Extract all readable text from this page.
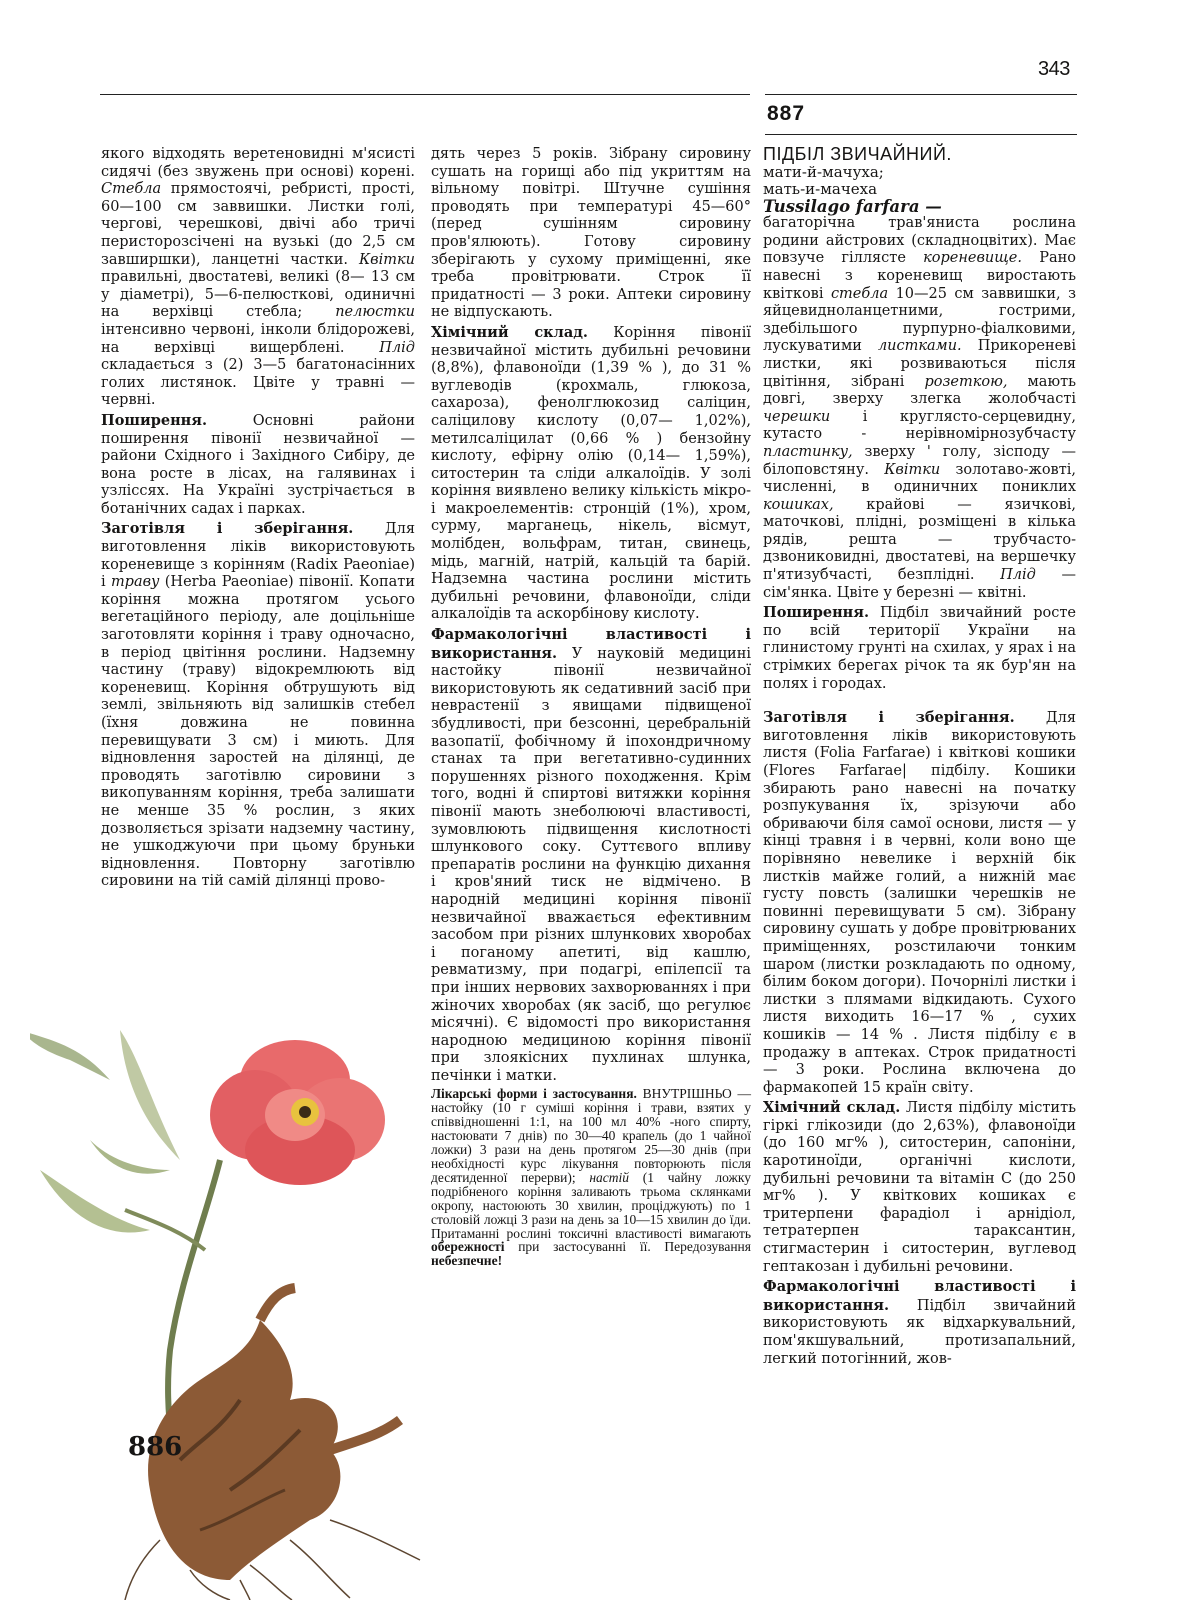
343
887

якого відходять веретеновидні м'ясисті сидячі (без звужень при основі) корені. Стебла прямостоячі, ребристі, прості, 60—100 см заввишки. Листки голі, чергові, черешкові, двічі або тричі перисторозсічені на вузькі (до 2,5 см завширшки), ланцетні частки. Квітки правильні, двостатеві, великі (8— 13 см у діаметрі), 5—6-пелюсткові, одиничні на верхівці стебла; пелюстки інтенсивно червоні, інколи блідорожеві, на верхівці вищерблені. Плід складається з (2) 3—5 багатонасінних голих листянок. Цвіте у травні — червні.

Поширення. Основні райони поширення півонії незвичайної — райони Східного і Західного Сибіру, де вона росте в лісах, на галявинах і узліссях. На Україні зустрічається в ботанічних садах і парках.

Заготівля і зберігання. Для виготовлення ліків використовують кореневище з корінням (Radix Paeoniae) і траву (Herba Paeoniae) півонії. Копати коріння можна протягом усього вегетаційного періоду, але доцільніше заготовляти коріння і траву одночасно, в період цвітіння рослини. Надземну частину (траву) відокремлюють від кореневищ. Коріння обтрушують від землі, звільняють від залишків стебел (їхня довжина не повинна перевищувати 3 см) і миють. Для відновлення заростей на ділянці, де проводять заготівлю сировини з викопуванням коріння, треба залишати не менше 35 % рослин, з яких дозволяється зрізати надземну частину, не ушкоджуючи при цьому бруньки відновлення. Повторну заготівлю сировини на тій самій ділянці прово-

дять через 5 років. Зібрану сировину сушать на горищі або під укриттям на вільному повітрі. Штучне сушіння проводять при температурі 45—60° (перед сушінням сировину пров'ялюють). Готову сировину зберігають у сухому приміщенні, яке треба провітрювати. Строк її придатності — 3 роки. Аптеки сировину не відпускають.

Хімічний склад. Коріння півонії незвичайної містить дубильні речовини (8,8%), флавоноїди (1,39 % ), до 31 % вуглеводів (крохмаль, глюкоза, сахароза), фенолглюкозид саліцин, саліцилову кислоту (0,07— 1,02%), метилсаліцилат (0,66 % ) бензойну кислоту, ефірну олію (0,14— 1,59%), ситостерин та сліди алкалоїдів. У золі коріння виявлено велику кількість мікро- і макроелементів: стронцій (1%), хром, сурму, марганець, нікель, вісмут, молібден, вольфрам, титан, свинець, мідь, магній, натрій, кальцій та барій. Надземна частина рослини містить дубильні речовини, флавоноїди, сліди алкалоїдів та аскорбінову кислоту.

Фармакологічні властивості і використання. У науковій медицині настойку півонії незвичайної використовують як седативний засіб при неврастенії з явищами підвищеної збудливості, при безсонні, церебральній вазопатії, фобічному й іпохондричному станах та при вегетативно-судинних порушеннях різного походження. Крім того, водні й спиртові витяжки коріння півонії мають знеболюючі властивості, зумовлюють підвищення кислотності шлункового соку. Суттєвого впливу препаратів рослини на функцію дихання і кров'яний тиск не відмічено. В народній медицині коріння півонії незвичайної вважається ефективним засобом при різних шлункових хворобах і поганому апетиті, від кашлю, ревматизму, при подагрі, епілепсії та при інших нервових захворюваннях і при жіночих хворобах (як засіб, що регулює місячні). Є відомості про використання народною медициною коріння півонії при злоякісних пухлинах шлунка, печінки і матки.

Лікарські форми і застосування. ВНУТРІШНЬО — настойку (10 г суміші коріння і трави, взятих у співвідношенні 1:1, на 100 мл 40% -ного спирту, настоювати 7 днів) по 30—40 крапель (до 1 чайної ложки) 3 рази на день протягом 25—30 днів (при необхідності курс лікування повторюють після десятиденної перерви); настій (1 чайну ложку подрібненого коріння заливають трьома склянками окропу, настоюють 30 хвилин, проціджують) по 1 столовій ложці 3 рази на день за 10—15 хвилин до їди. Притаманні рослині токсичні властивості вимагають обережності при застосуванні її. Передозування небезпечне!

ПІДБІЛ ЗВИЧАЙНИЙ.
мати-й-мачуха;
мать-и-мачеха
Tussilago farfara —

багаторічна трав'яниста рослина родини айстрових (складноцвітих). Має повзуче гіллясте кореневище. Рано навесні з кореневищ виростають квіткові стебла 10—25 см заввишки, з яйцевидноланцетними, гострими, здебільшого пурпурно-фіалковими, лускуватими листками. Прикореневі листки, які розвиваються після цвітіння, зібрані розеткою, мають довгі, зверху злегка жолобчасті черешки і круглясто-серцевидну, кутасто - нерівномірнозубчасту пластинку, зверху ' голу, зісподу — білоповстяну. Квітки золотаво-жовті, численні, в одиничних пониклих кошиках, крайові — язичкові, маточкові, плідні, розміщені в кілька рядів, решта — трубчасто-дзвониковидні, двостатеві, на вершечку п'ятизубчасті, безплідні. Плід — сім'янка. Цвіте у березні — квітні.

Поширення. Підбіл звичайний росте по всій території України на глинистому грунті на схилах, у ярах і на стрімких берегах річок та як бур'ян на полях і городах.

Заготівля і зберігання. Для виготовлення ліків використовують листя (Folia Farfarae) і квіткові кошики (Flores Farfarae| підбілу. Кошики збирають рано навесні на початку розпукування їх, зрізуючи або обриваючи біля самої основи, листя — у кінці травня і в червні, коли воно ще порівняно невелике і верхній бік листків майже голий, а нижній має густу повсть (залишки черешків не повинні перевищувати 5 см). Зібрану сировину сушать у добре провітрюваних приміщеннях, розстилаючи тонким шаром (листки розкладають по одному, білим боком догори). Почорнілі листки і листки з плямами відкидають. Сухого листя виходить 16—17 % , сухих кошиків — 14 % . Листя підбілу є в продажу в аптеках. Строк придатності — 3 роки. Рослина включена до фармакопей 15 країн світу.

Хімічний склад. Листя підбілу містить гіркі глікозиди (до 2,63%), флавоноїди (до 160 мг% ), ситостерин, сапоніни, каротиноїди, органічні кислоти, дубильні речовини та вітамін С (до 250 мг% ). У квіткових кошиках є тритерпени фарадіол і арнідіол, тетратерпен тараксантин, стигмастерин і ситостерин, вуглевод гептакозан і дубильні речовини.

Фармакологічні властивості і використання. Підбіл звичайний використовують як відхаркувальний, пом'якшувальний, протизапальний, легкий потогінний, жов-

886
